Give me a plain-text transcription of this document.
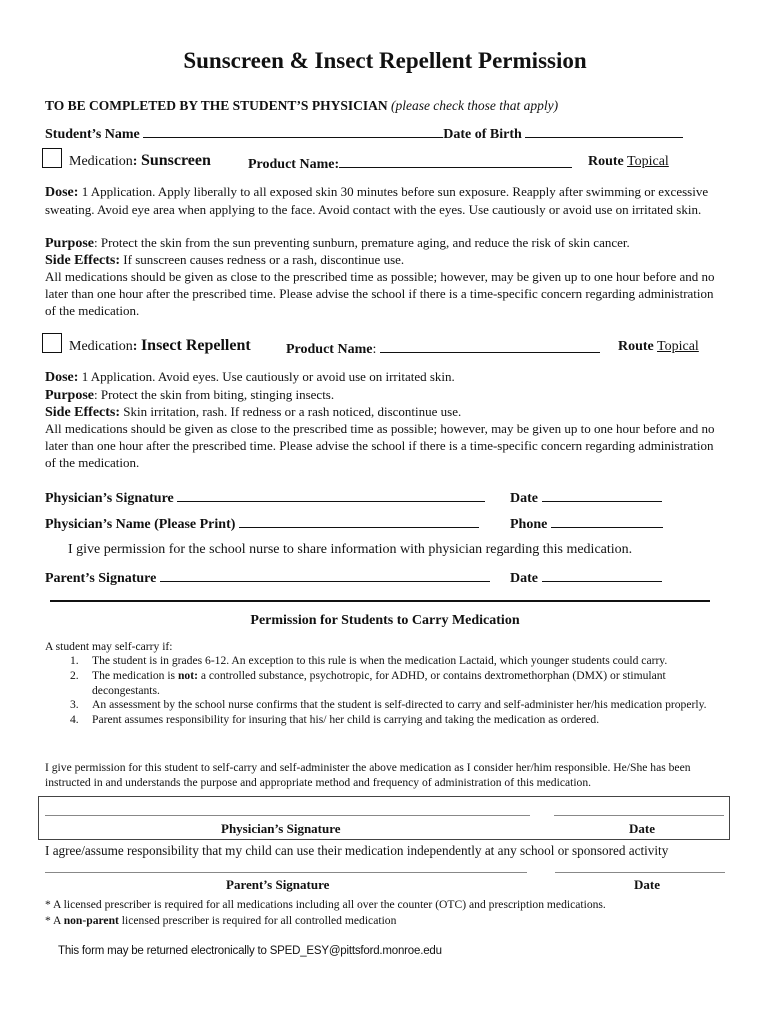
Sunscreen & Insect Repellent Permission
TO BE COMPLETED BY THE STUDENT’S PHYSICIAN (please check those that apply)
Student’s Name	Date of Birth
Medication: Sunscreen	Product Name:	Route Topical
Dose: 1 Application. Apply liberally to all exposed skin 30 minutes before sun exposure. Reapply after swimming or excessive sweating. Avoid eye area when applying to the face. Avoid contact with the eyes. Use cautiously or avoid use on irritated skin.
Purpose: Protect the skin from the sun preventing sunburn, premature aging, and reduce the risk of skin cancer.
Side Effects: If sunscreen causes redness or a rash, discontinue use.
All medications should be given as close to the prescribed time as possible; however, may be given up to one hour before and no later than one hour after the prescribed time. Please advise the school if there is a time-specific concern regarding administration of the medication.
Medication: Insect Repellent	Product Name:	Route Topical
Dose: 1 Application. Avoid eyes. Use cautiously or avoid use on irritated skin.
Purpose: Protect the skin from biting, stinging insects.
Side Effects: Skin irritation, rash. If redness or a rash noticed, discontinue use.
All medications should be given as close to the prescribed time as possible; however, may be given up to one hour before and no later than one hour after the prescribed time. Please advise the school if there is a time-specific concern regarding administration of the medication.
Physician’s Signature	Date
Physician’s Name (Please Print)	Phone
I give permission for the school nurse to share information with physician regarding this medication.
Parent’s Signature	Date
Permission for Students to Carry Medication
A student may self-carry if:
1. The student is in grades 6-12. An exception to this rule is when the medication Lactaid, which younger students could carry.
2. The medication is not: a controlled substance, psychotropic, for ADHD, or contains dextromethorphan (DMX) or stimulant decongestants.
3. An assessment by the school nurse confirms that the student is self-directed to carry and self-administer her/his medication properly.
4. Parent assumes responsibility for insuring that his/ her child is carrying and taking the medication as ordered.
I give permission for this student to self-carry and self-administer the above medication as I consider her/him responsible. He/She has been instructed in and understands the purpose and appropriate method and frequency of administration of this medication.
Physician’s Signature	Date
I agree/assume responsibility that my child can use their medication independently at any school or sponsored activity
Parent’s Signature	Date
* A licensed prescriber is required for all medications including all over the counter (OTC) and prescription medications.
* A non-parent licensed prescriber is required for all controlled medication
This form may be returned electronically to SPED_ESY@pittsford.monroe.edu
